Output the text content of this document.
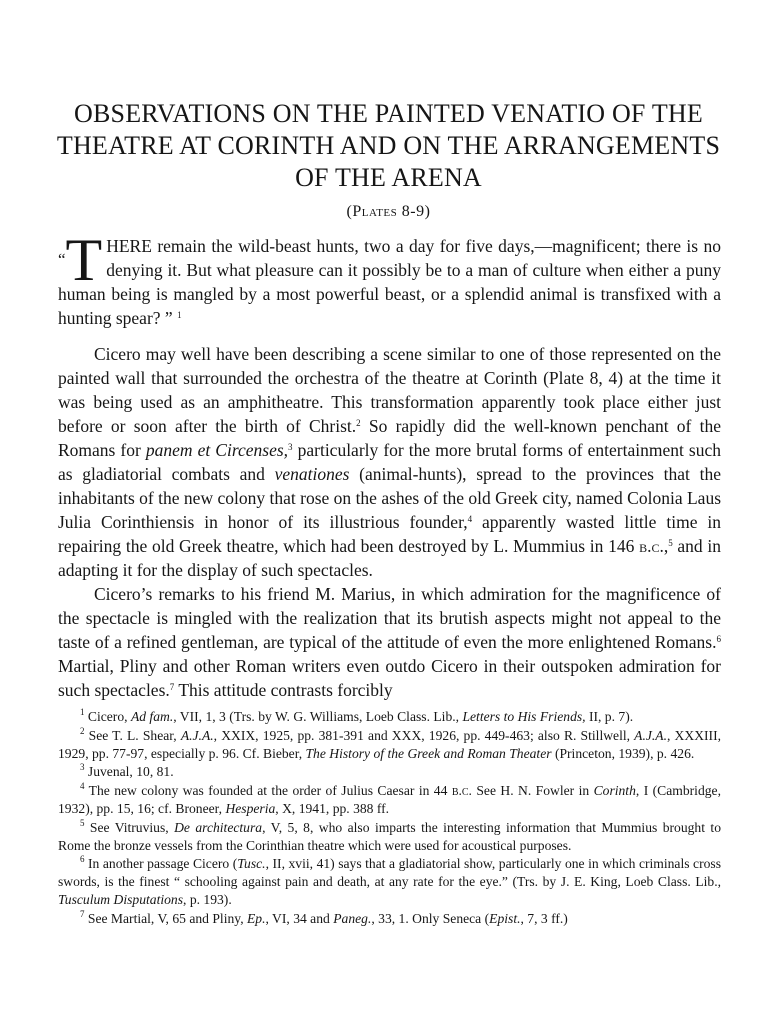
OBSERVATIONS ON THE PAINTED VENATIO OF THE THEATRE AT CORINTH AND ON THE ARRANGEMENTS OF THE ARENA

(Plates 8-9)

“T HERE remain the wild-beast hunts, two a day for five days,—magnificent; there is no denying it. But what pleasure can it possibly be to a man of culture when either a puny human being is mangled by a most powerful beast, or a splendid animal is transfixed with a hunting spear? ” $^1$

Cicero may well have been describing a scene similar to one of those represented on the painted wall that surrounded the orchestra of the theatre at Corinth (Plate 8, 4) at the time it was being used as an amphitheatre. This transformation apparently took place either just before or soon after the birth of Christ.$^2$ So rapidly did the well-known penchant of the Romans for panem et Circenses,$^3$ particularly for the more brutal forms of entertainment such as gladiatorial combats and venationes (animal-hunts), spread to the provinces that the inhabitants of the new colony that rose on the ashes of the old Greek city, named Colonia Laus Julia Corinthiensis in honor of its illustrious founder,$^4$ apparently wasted little time in repairing the old Greek theatre, which had been destroyed by L. Mummius in 146 b.c.,$^5$ and in adapting it for the display of such spectacles.

Cicero’s remarks to his friend M. Marius, in which admiration for the magnificence of the spectacle is mingled with the realization that its brutish aspects might not appeal to the taste of a refined gentleman, are typical of the attitude of even the more enlightened Romans.$^6$ Martial, Pliny and other Roman writers even outdo Cicero in their outspoken admiration for such spectacles.$^7$ This attitude contrasts forcibly

$^1$ Cicero, Ad fam., VII, 1, 3 (Trs. by W. G. Williams, Loeb Class. Lib., Letters to His Friends, II, p. 7).

$^2$ See T. L. Shear, A.J.A., XXIX, 1925, pp. 381-391 and XXX, 1926, pp. 449-463; also R. Stillwell, A.J.A., XXXIII, 1929, pp. 77-97, especially p. 96. Cf. Bieber, The History of the Greek and Roman Theater (Princeton, 1939), p. 426.

$^3$ Juvenal, 10, 81.

$^4$ The new colony was founded at the order of Julius Caesar in 44 b.c. See H. N. Fowler in Corinth, I (Cambridge, 1932), pp. 15, 16; cf. Broneer, Hesperia, X, 1941, pp. 388 ff.

$^5$ See Vitruvius, De architectura, V, 5, 8, who also imparts the interesting information that Mummius brought to Rome the bronze vessels from the Corinthian theatre which were used for acoustical purposes.

$^6$ In another passage Cicero (Tusc., II, xvii, 41) says that a gladiatorial show, particularly one in which criminals cross swords, is the finest “ schooling against pain and death, at any rate for the eye.” (Trs. by J. E. King, Loeb Class. Lib., Tusculum Disputations, p. 193).

$^7$ See Martial, V, 65 and Pliny, Ep., VI, 34 and Paneg., 33, 1. Only Seneca (Epist., 7, 3 ff.)
